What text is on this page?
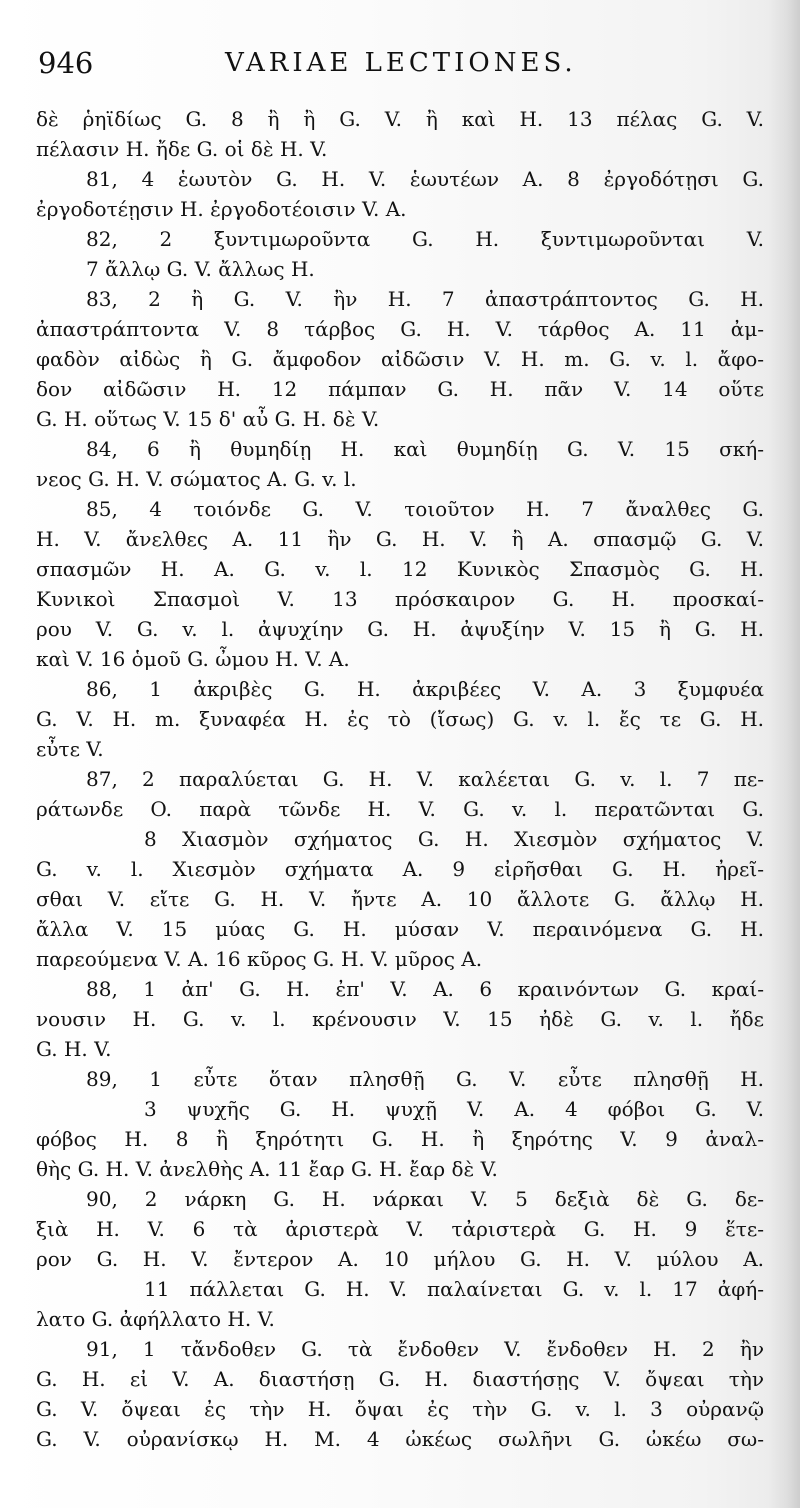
946	VARIAE LECTIONES.
δὲ ῥηϊδίως G. 8 ἢ ἢ G. V. ἢ καὶ H. 13 πέλας G. V.
πέλασιν H. ἤδε G. οἱ δὲ H. V.
81, 4 ἑωυτὸν G. H. V. ἑωυτέων A. 8 ἐργοδότῃσι G.
ἐργοδοτέῃσιν H. ἐργοδοτέοισιν V. A.
82, 2 ξυντιμωροῦντα G. H. ξυντιμωροῦνται V.
7 ἄλλῳ G. V. ἄλλως H.
83, 2 ἢ G. V. ἢν H. 7 ἀπαστράπτοντος G. H.
ἀπαστράπτοντα V. 8 τάρβος G. H. V. τάρθος A. 11 ἀμ-
φαδὸν αἰδὼς ἢ G. ἄμφοδον αἰδῶσιν V. H. m. G. v. l. ἄφο-
δον αἰδῶσιν H. 12 πάμπαν G. H. πᾶν V. 14 οὕτε
G. H. οὕτως V. 15 δ' αὖ G. H. δὲ V.
84, 6 ἢ θυμηδίῃ H. καὶ θυμηδίῃ G. V. 15 σκή-
νεος G. H. V. σώματος A. G. v. l.
85, 4 τοιόνδε G. V. τοιοῦτον H. 7 ἄναλθες G.
H. V. ἄνελθες A. 11 ἢν G. H. V. ἢ A. σπασμῷ G. V.
σπασμῶν H. A. G. v. l. 12 Κυνικὸς Σπασμὸς G. H.
Κυνικοὶ Σπασμοὶ V. 13 πρόσκαιρον G. H. προσκαί-
ρου V. G. v. l. ἀψυχίην G. H. ἀψυξίην V. 15 ἢ G. H.
καὶ V. 16 ὁμοῦ G. ὦμου H. V. A.
86, 1 ἀκριβὲς G. H. ἀκριβέες V. A. 3 ξυμφυέα
G. V. H. m. ξυναφέα H. ἐς τὸ (ἴσως) G. v. l. ἔς τε G. H.
εὖτε V.
87, 2 παραλύεται G. H. V. καλέεται G. v. l. 7 πε-
ράτωνδε O. παρὰ τῶνδε H. V. G. v. l. περατῶνται G.
8 Χιασμὸν σχήματος G. H. Χιεσμὸν σχήματος V.
G. v. l. Χιεσμὸν σχήματα A. 9 εἰρῆσθαι G. H. ἠρεῖ-
σθαι V. εἴτε G. H. V. ἤντε A. 10 ἄλλοτε G. ἄλλῳ H.
ἄλλα V. 15 μύας G. H. μύσαν V. περαινόμενα G. H.
παρεούμενα V. A. 16 κῦρος G. H. V. μῦρος A.
88, 1 ἀπ' G. H. ἐπ' V. A. 6 κραινόντων G. κραί-
νουσιν H. G. v. l. κρένουσιν V. 15 ἠδὲ G. v. l. ἤδε
G. H. V.
89, 1 εὖτε ὅταν πλησθῇ G. V. εὖτε πλησθῇ H.
3 ψυχῆς G. H. ψυχῇ V. A. 4 φόβοι G. V.
φόβος H. 8 ἢ ξηρότητι G. H. ἢ ξηρότης V. 9 ἀναλ-
θὴς G. H. V. ἀνελθὴς A. 11 ἔαρ G. H. ἔαρ δὲ V.
90, 2 νάρκη G. H. νάρκαι V. 5 δεξιὰ δὲ G. δε-
ξιὰ H. V. 6 τὰ ἀριστερὰ V. τἀριστερὰ G. H. 9 ἕτε-
ρον G. H. V. ἔντερον A. 10 μήλου G. H. V. μύλου A.
11 πάλλεται G. H. V. παλαίνεται G. v. l. 17 ἀφή-
λατο G. ἀφήλλατο H. V.
91, 1 τἄνδοθεν G. τὰ ἔνδοθεν V. ἔνδοθεν H. 2 ἢν
G. H. εἰ V. A. διαστήσῃ G. H. διαστήσῃς V. ὄψεαι τὴν
G. V. ὄψεαι ἐς τὴν H. ὄψαι ἐς τὴν G. v. l. 3 οὐρανῷ
G. V. οὐρανίσκῳ H. M. 4 ὠκέως σωλῆνι G. ὠκέω σω-
